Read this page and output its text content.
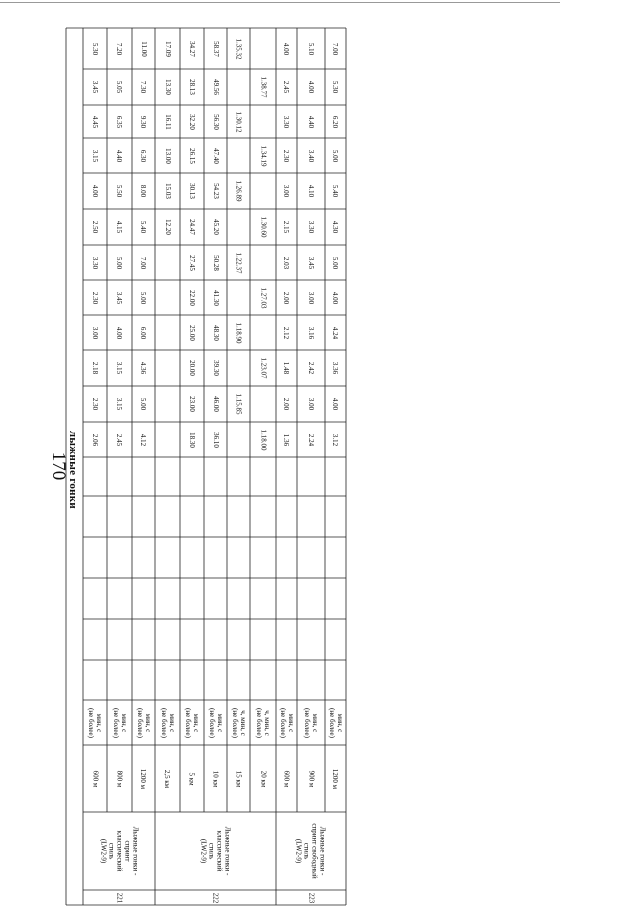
170
лыжные гонки 2.06
2.30
2.18
3.00
2.30
3.30
2.50
4.00
3.15
4.45
3.45
5.30
мин, с
(не более)
600 м
2.45
3.15
3.15
4.00
3.45
5.00
4.15
5.50
4.40
6.35
5.05
7.20
мин, с
(не более)
800 м
4.12
5.00
4.36
6.00
5.00
7.00
5.40
8.00
6.30
9.30
7.30
11.00
мин, с
(не более)
1200 м
12.20
15.03
13.00
16.11
13.30
17.09
мин, с
(не более)
2,5 км
18.30
23.00
20.00
25.00
22.00
27.45
24.47
30.13
26.15
32.20
28.13
34.27
мин, с
(не более)
5 км
36.10
46.00
39.30
48.30
41.30
50.28
45.20
54.23
47.40
56.30
49.56
58.37
мин, с
(не более)
10 км
1.15.85
1.18.90
1.22.37
1.26.89
1.30.12
1.35.32
ч, мин, с
(не более)
15 км
1.18.00
1.23.07
1.27.03
1.30.60
1.34.19
1.38.77
ч, мин, с
(не более)
20 км
1.36
2.00
1.48
2.12
2.00
2.03
2.15
3.00
2.30
3.30
2.45
4.00
мин, с
(не более)
600 м
2.24
3.00
2.42
3.16
3.00
3.45
3.30
4.10
3.40
4.40
4.00
5.10
мин, с
(не более)
900 м
3.12
4.00
3.36
4.24
4.00
5.00
4.30
5.40
5.00
6.20
5.30
7.00
мин, с
(не более)
1200 м
Лыжные гонки -
спринт
классический
стиль
(LW2-9)
221
Лыжные гонки -
классический
стиль
(LW2-9)
222
Лыжные гонки -
спринт свободный
стиль
(LW2-9)
223
